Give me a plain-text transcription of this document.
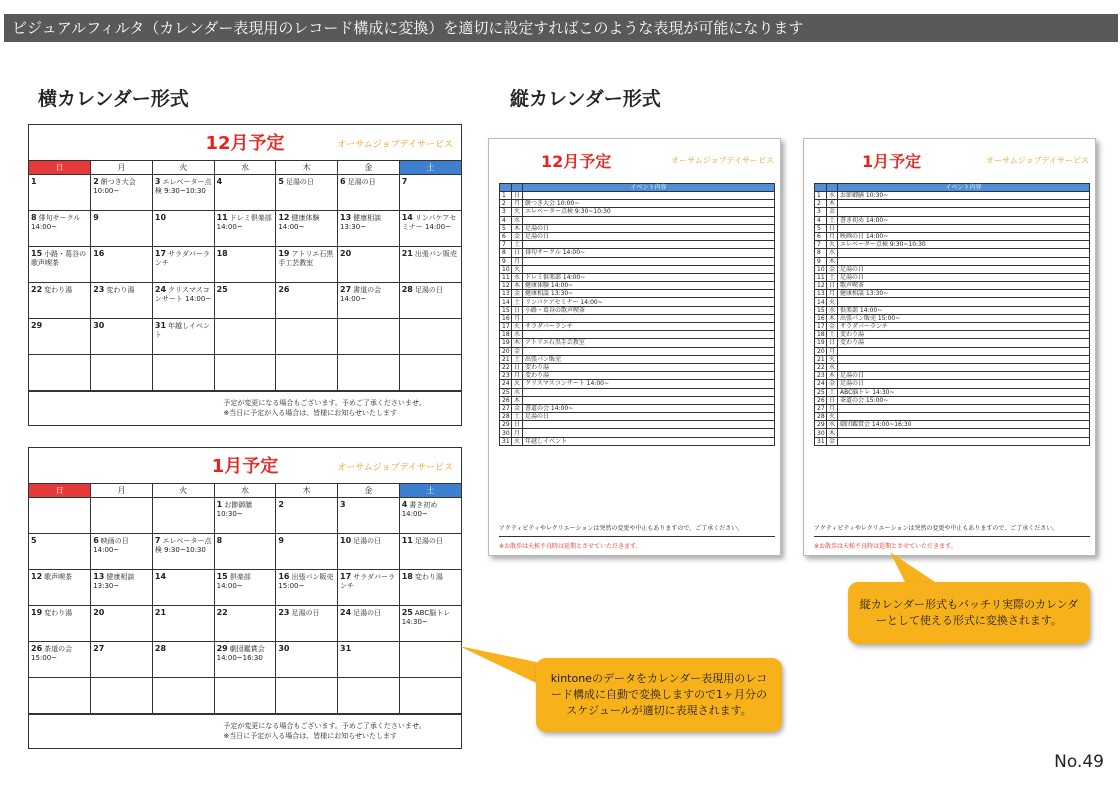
ビジュアルフィルタ（カレンダー表現用のレコード構成に変換）を適切に設定すればこのような表現が可能になります
横カレンダー形式	縦カレンダー形式
12月予定	オーサムジョブデイサービス
日	月	火	水	木	金	土
1	2 餅つき大会 10:00~	3 エレベーター点検 9:30~10:30	4	5 足湯の日	6 足湯の日	7
8 俳句サークル 14:00~	9	10	11 ドレミ倶楽部 14:00~	12 健康体験 14:00~	13 健康相談 13:30~	14 リンパケアセミナー 14:00~
15 小路・葛谷の歌声喫茶	16	17 サラダバーランチ	18	19 アトリエ石黒手工芸教室	20	21 出張パン販売
22 変わり湯	23 変わり湯	24 クリスマスコンサート 14:00~	25	26	27 書道の会 14:00~	28 足湯の日
29	30	31 年越しイベント				

予定が変更になる場合もございます。予めご了承くださいませ。
※当日に予定が入る場合は、皆様にお知らせいたします
1月予定	オーサムジョブデイサービス
日	月	火	水	木	金	土
			1 お節御膳 10:30~	2	3	4 書き初め 14:00~
5	6 映画の日 14:00~	7 エレベーター点検 9:30~10:30	8	9	10 足湯の日	11 足湯の日
12 歌声喫茶	13 健康相談 13:30~	14	15 倶楽部 14:00~	16 出張パン販売 15:00~	17 サラダバーランチ	18 変わり湯
19 変わり湯	20	21	22	23 足湯の日	24 足湯の日	25 ABC脳トレ 14:30~
26 茶道の会 15:00~	27	28	29 劇団鑑賞会 14:00~16:30	30	31	

予定が変更になる場合もございます。予めご了承くださいませ。
※当日に予定が入る場合は、皆様にお知らせいたします
12月予定	オーサムジョブデイサービス
		イベント内容
1	日	
2	月	餅つき大会 10:00~
3	火	エレベーター点検 9:30~10:30
4	水	
5	木	足湯の日
6	金	足湯の日
7	土	
8	日	俳句サークル 14:00~
9	月	
10	火	
11	水	ドレミ倶楽部 14:00~
12	木	健康体験 14:00~
13	金	健康相談 13:30~
14	土	リンパケアセミナー 14:00~
15	日	小路・葛谷の歌声喫茶
16	月	
17	火	サラダバーランチ
18	水	
19	木	アトリエ石黒手芸教室
20	金	
21	土	出張パン販売
22	日	変わり湯
23	月	変わり湯
24	火	クリスマスコンサート 14:00~
25	水	
26	木	
27	金	書道の会 14:00~
28	土	足湯の日
29	日	
30	月	
31	火	年越しイベント
アクティビティやレクリエーションは突然の変更や中止もありますので、ご了承ください。
※お散歩は天候不良時は延期とさせていただきます。
1月予定	オーサムジョブデイサービス
		イベント内容
1	水	お節御膳 10:30~
2	木	
3	金	
4	土	書き初め 14:00~
5	日	
6	月	映画の日 14:00~
7	火	エレベーター点検 9:30~10:30
8	水	
9	木	
10	金	足湯の日
11	土	足湯の日
12	日	歌声喫茶
13	月	健康相談 13:30~
14	火	
15	水	倶楽部 14:00~
16	木	出張パン販売 15:00~
17	金	サラダバーランチ
18	土	変わり湯
19	日	変わり湯
20	月	
21	火	
22	水	
23	木	足湯の日
24	金	足湯の日
25	土	ABC脳トレ 14:30~
26	日	茶道の会 15:00~
27	月	
28	火	
29	水	劇団鑑賞会 14:00~16:30
30	木	
31	金	
アクティビティやレクリエーションは突然の変更や中止もありますので、ご了承ください。
※お散歩は天候不良時は延期とさせていただきます。
kintoneのデータをカレンダー表現用のレコード構成に自動で変換しますので1ヶ月分のスケジュールが適切に表現されます。
縦カレンダー形式もバッチリ実際のカレンダーとして使える形式に変換されます。
No.49
